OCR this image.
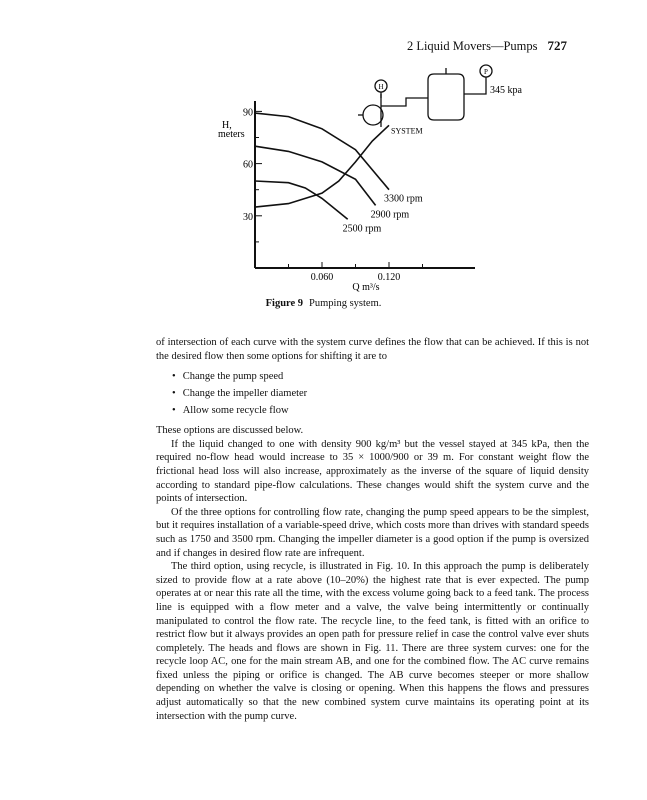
2 Liquid Movers—Pumps 727
H
P
345 kpa
30
60
90
0.060	0.120
3300 rpm
2900 rpm
2500 rpm
SYSTEM
H,
meters
Q m³/s
Figure 9 Pumping system.

of intersection of each curve with the system curve defines the flow that can be achieved. If this is not the desired flow then some options for shifting it are to

• Change the pump speed
• Change the impeller diameter
• Allow some recycle flow

These options are discussed below.

If the liquid changed to one with density 900 kg/m³ but the vessel stayed at 345 kPa, then the required no-flow head would increase to 35 × 1000/900 or 39 m. For constant weight flow the frictional head loss will also increase, approximately as the inverse of the square of liquid density according to standard pipe-flow calculations. These changes would shift the system curve and the points of intersection.

Of the three options for controlling flow rate, changing the pump speed appears to be the simplest, but it requires installation of a variable-speed drive, which costs more than drives with standard speeds such as 1750 and 3500 rpm. Changing the impeller diameter is a good option if the pump is oversized and if changes in desired flow rate are infrequent.

The third option, using recycle, is illustrated in Fig. 10. In this approach the pump is deliberately sized to provide flow at a rate above (10–20%) the highest rate that is ever expected. The pump operates at or near this rate all the time, with the excess volume going back to a feed tank. The process line is equipped with a flow meter and a valve, the valve being intermittently or continually manipulated to control the flow rate. The recycle line, to the feed tank, is fitted with an orifice to restrict flow but it always provides an open path for pressure relief in case the control valve ever shuts completely. The heads and flows are shown in Fig. 11. There are three system curves: one for the recycle loop AC, one for the main stream AB, and one for the combined flow. The AC curve remains fixed unless the piping or orifice is changed. The AB curve becomes steeper or more shallow depending on whether the valve is closing or opening. When this happens the flows and pressures adjust automatically so that the new combined system curve maintains its operating point at its intersection with the pump curve.
